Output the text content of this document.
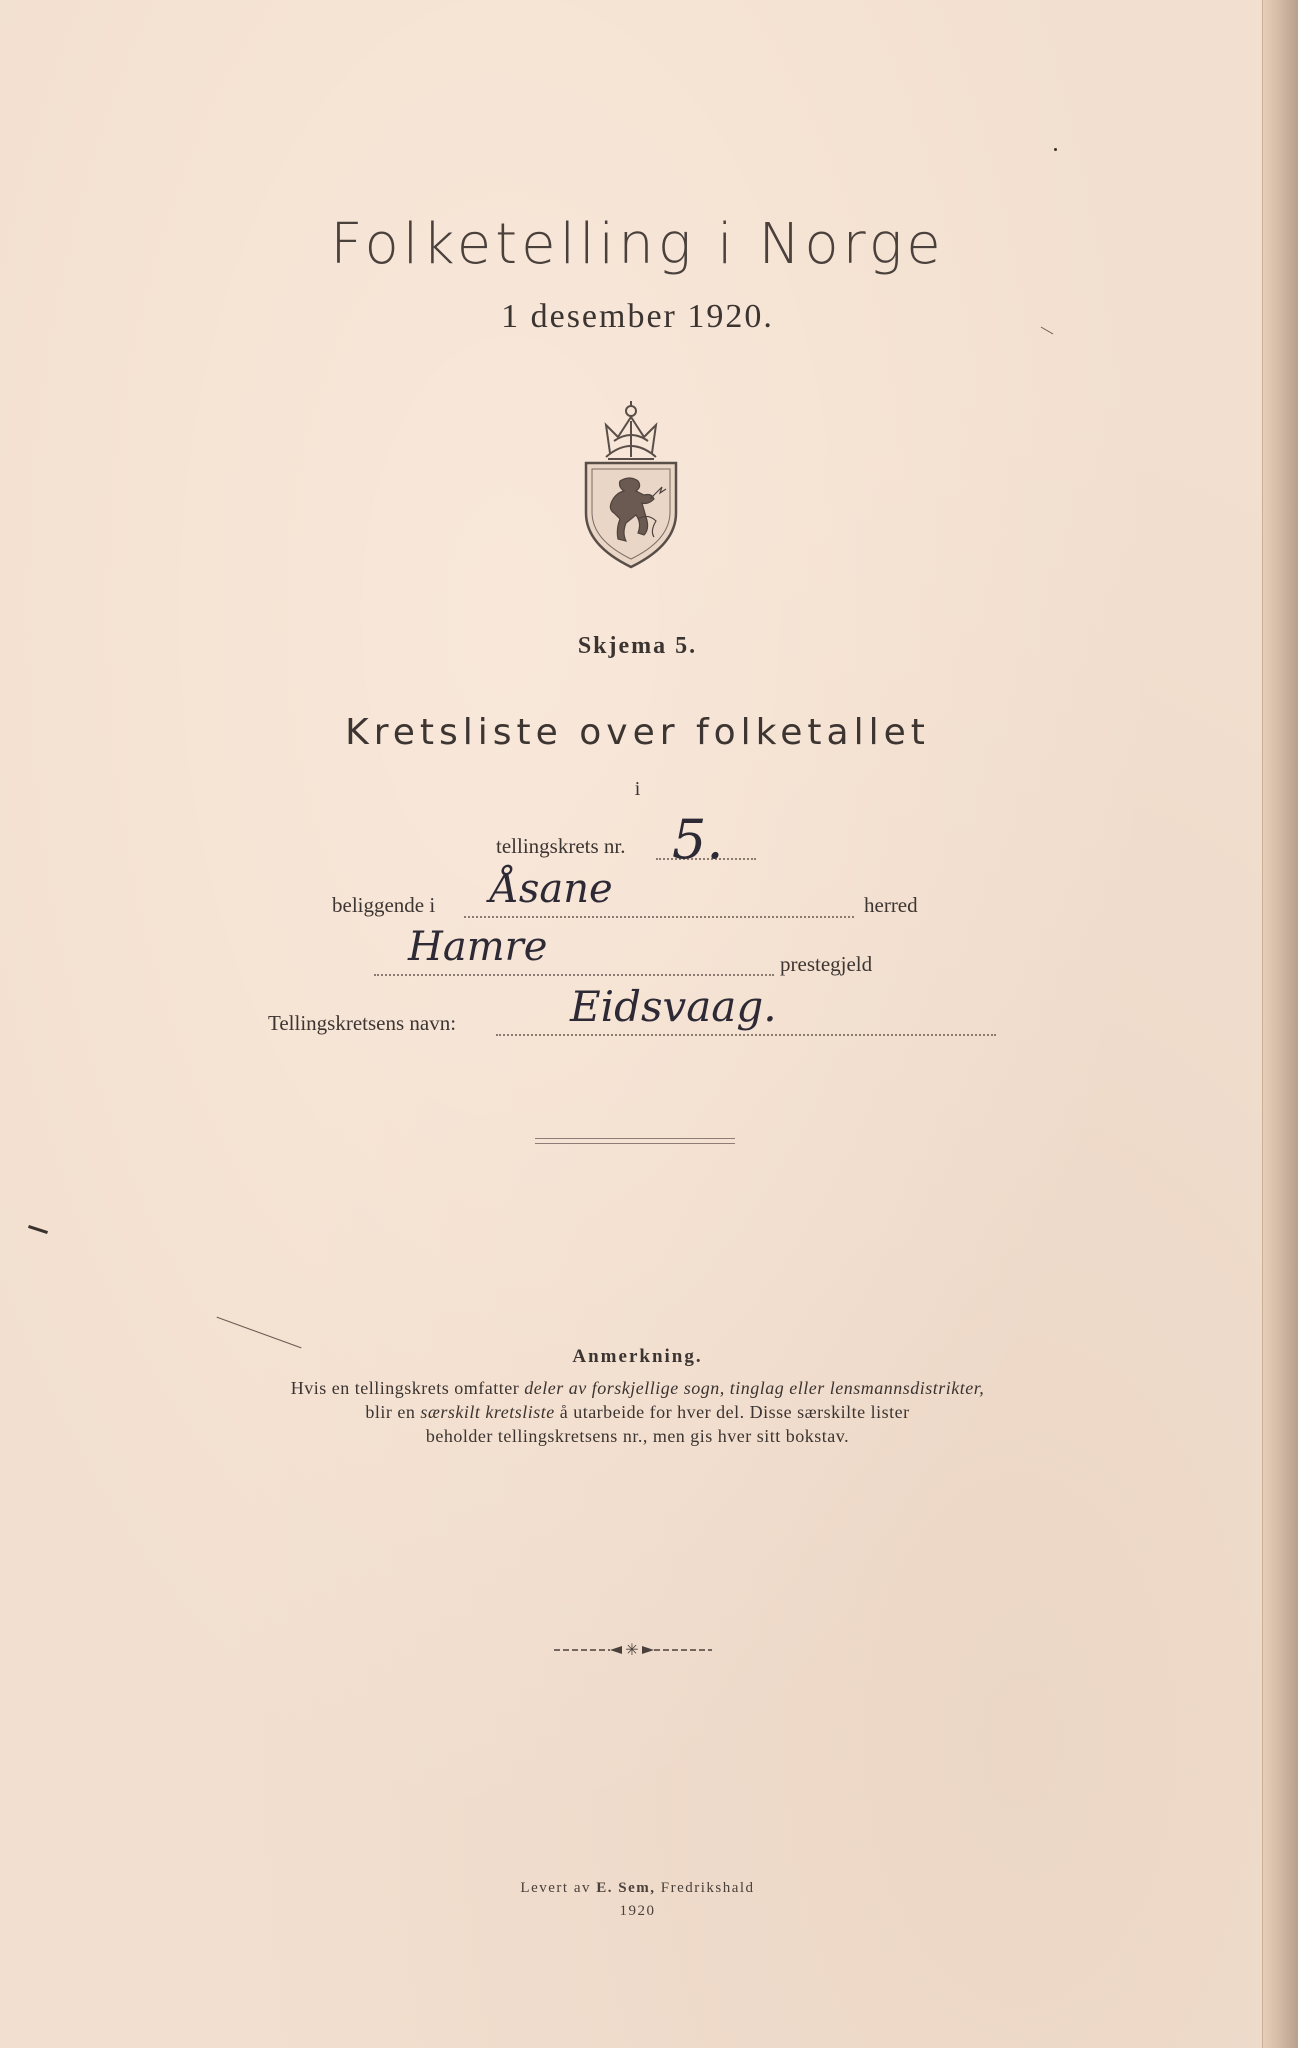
Folketelling i Norge
1 desember 1920.
Skjema 5.
Kretsliste over folketallet
i
tellingskrets nr. 5.
beliggende i Åsane	herred
Hamre	prestegjeld
Tellingskretsens navn:	Eidsvaag.
Anmerkning.
Hvis en tellingskrets omfatter deler av forskjellige sogn, tinglag eller lensmannsdistrikter,
blir en særskilt kretsliste å utarbeide for hver del. Disse særskilte lister
beholder tellingskretsens nr., men gis hver sitt bokstav.
✳
Levert av E. Sem, Fredrikshald
1920
